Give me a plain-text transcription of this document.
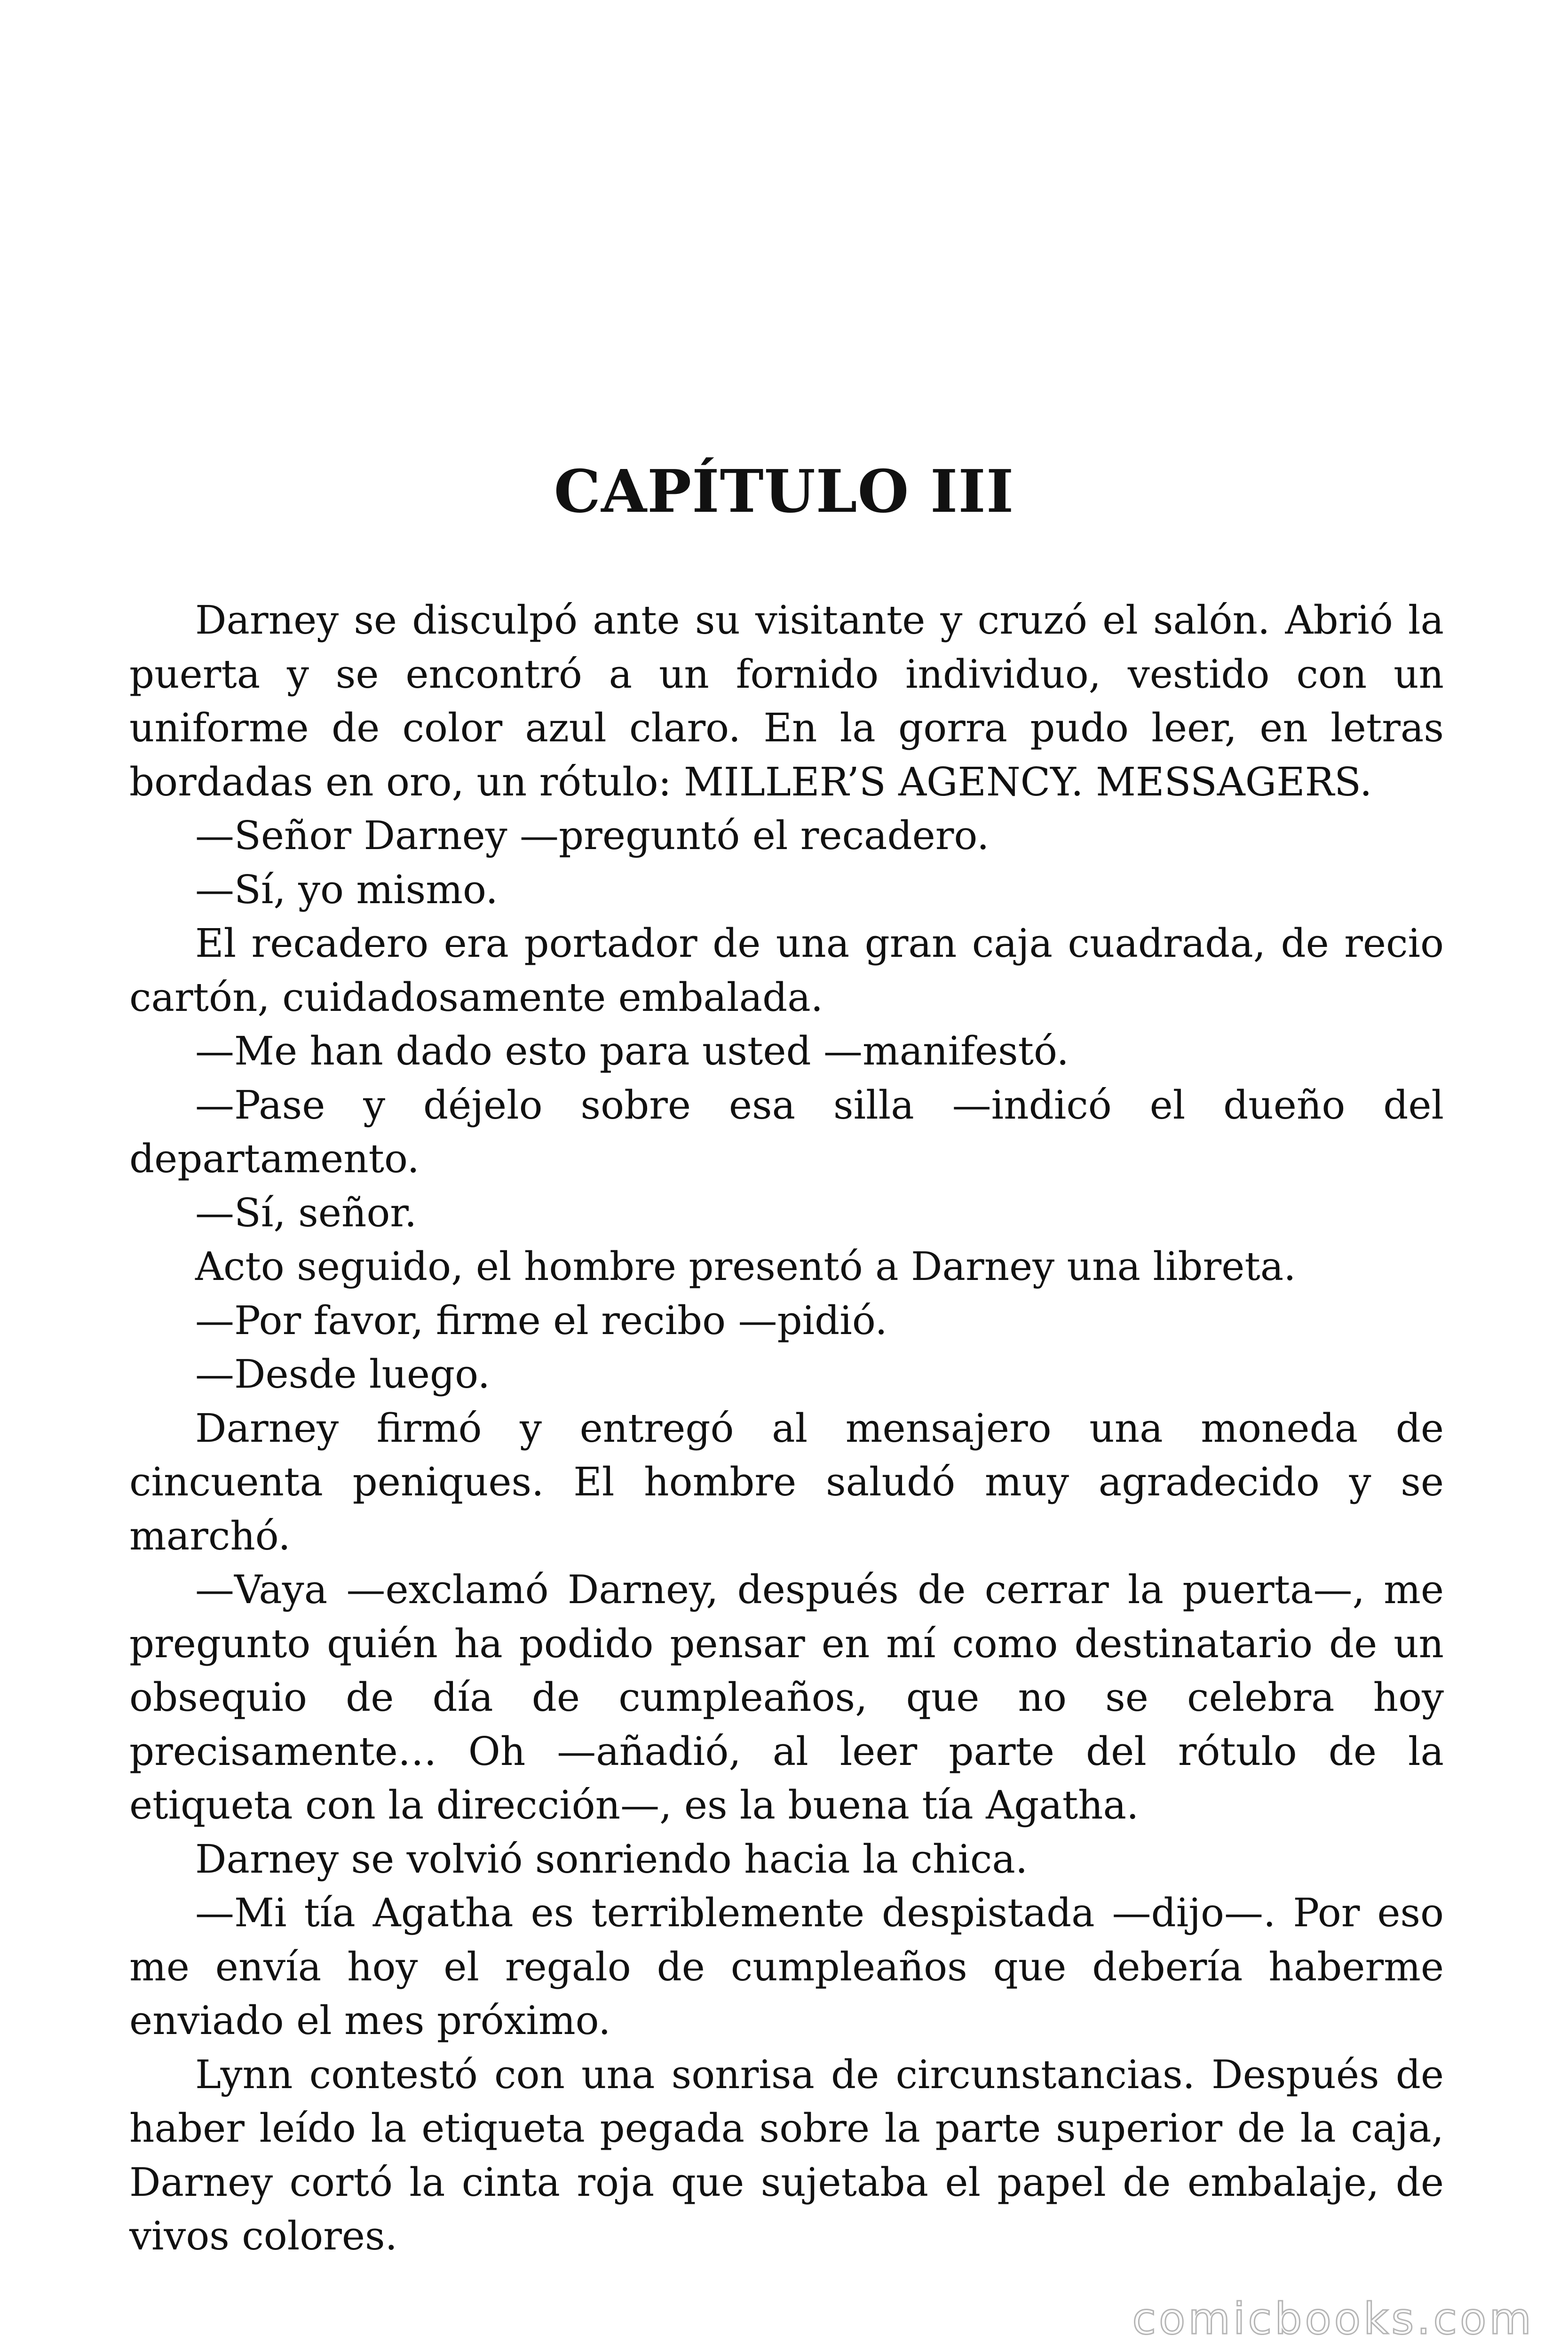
CAPÍTULO III

Darney se disculpó ante su visitante y cruzó el salón. Abrió la puerta y se encontró a un fornido individuo, vestido con un uniforme de color azul claro. En la gorra pudo leer, en letras bordadas en oro, un rótulo: MILLER’S AGENCY. MESSAGERS.

—Señor Darney —preguntó el recadero.

—Sí, yo mismo.

El recadero era portador de una gran caja cuadrada, de recio cartón, cuidadosamente embalada.

—Me han dado esto para usted —manifestó.

—Pase y déjelo sobre esa silla —indicó el dueño del departamento.

—Sí, señor.

Acto seguido, el hombre presentó a Darney una libreta.

—Por favor, firme el recibo —pidió.

—Desde luego.

Darney firmó y entregó al mensajero una moneda de cincuenta peniques. El hombre saludó muy agradecido y se marchó.

—Vaya —exclamó Darney, después de cerrar la puerta—, me pregunto quién ha podido pensar en mí como destinatario de un obsequio de día de cumpleaños, que no se celebra hoy precisamente… Oh —añadió, al leer parte del rótulo de la etiqueta con la dirección—, es la buena tía Agatha.

Darney se volvió sonriendo hacia la chica.

—Mi tía Agatha es terriblemente despistada —dijo—. Por eso me envía hoy el regalo de cumpleaños que debería haberme enviado el mes próximo.

Lynn contestó con una sonrisa de circunstancias. Después de haber leído la etiqueta pegada sobre la parte superior de la caja, Darney cortó la cinta roja que sujetaba el papel de embalaje, de vivos colores.

comicbooks.com
